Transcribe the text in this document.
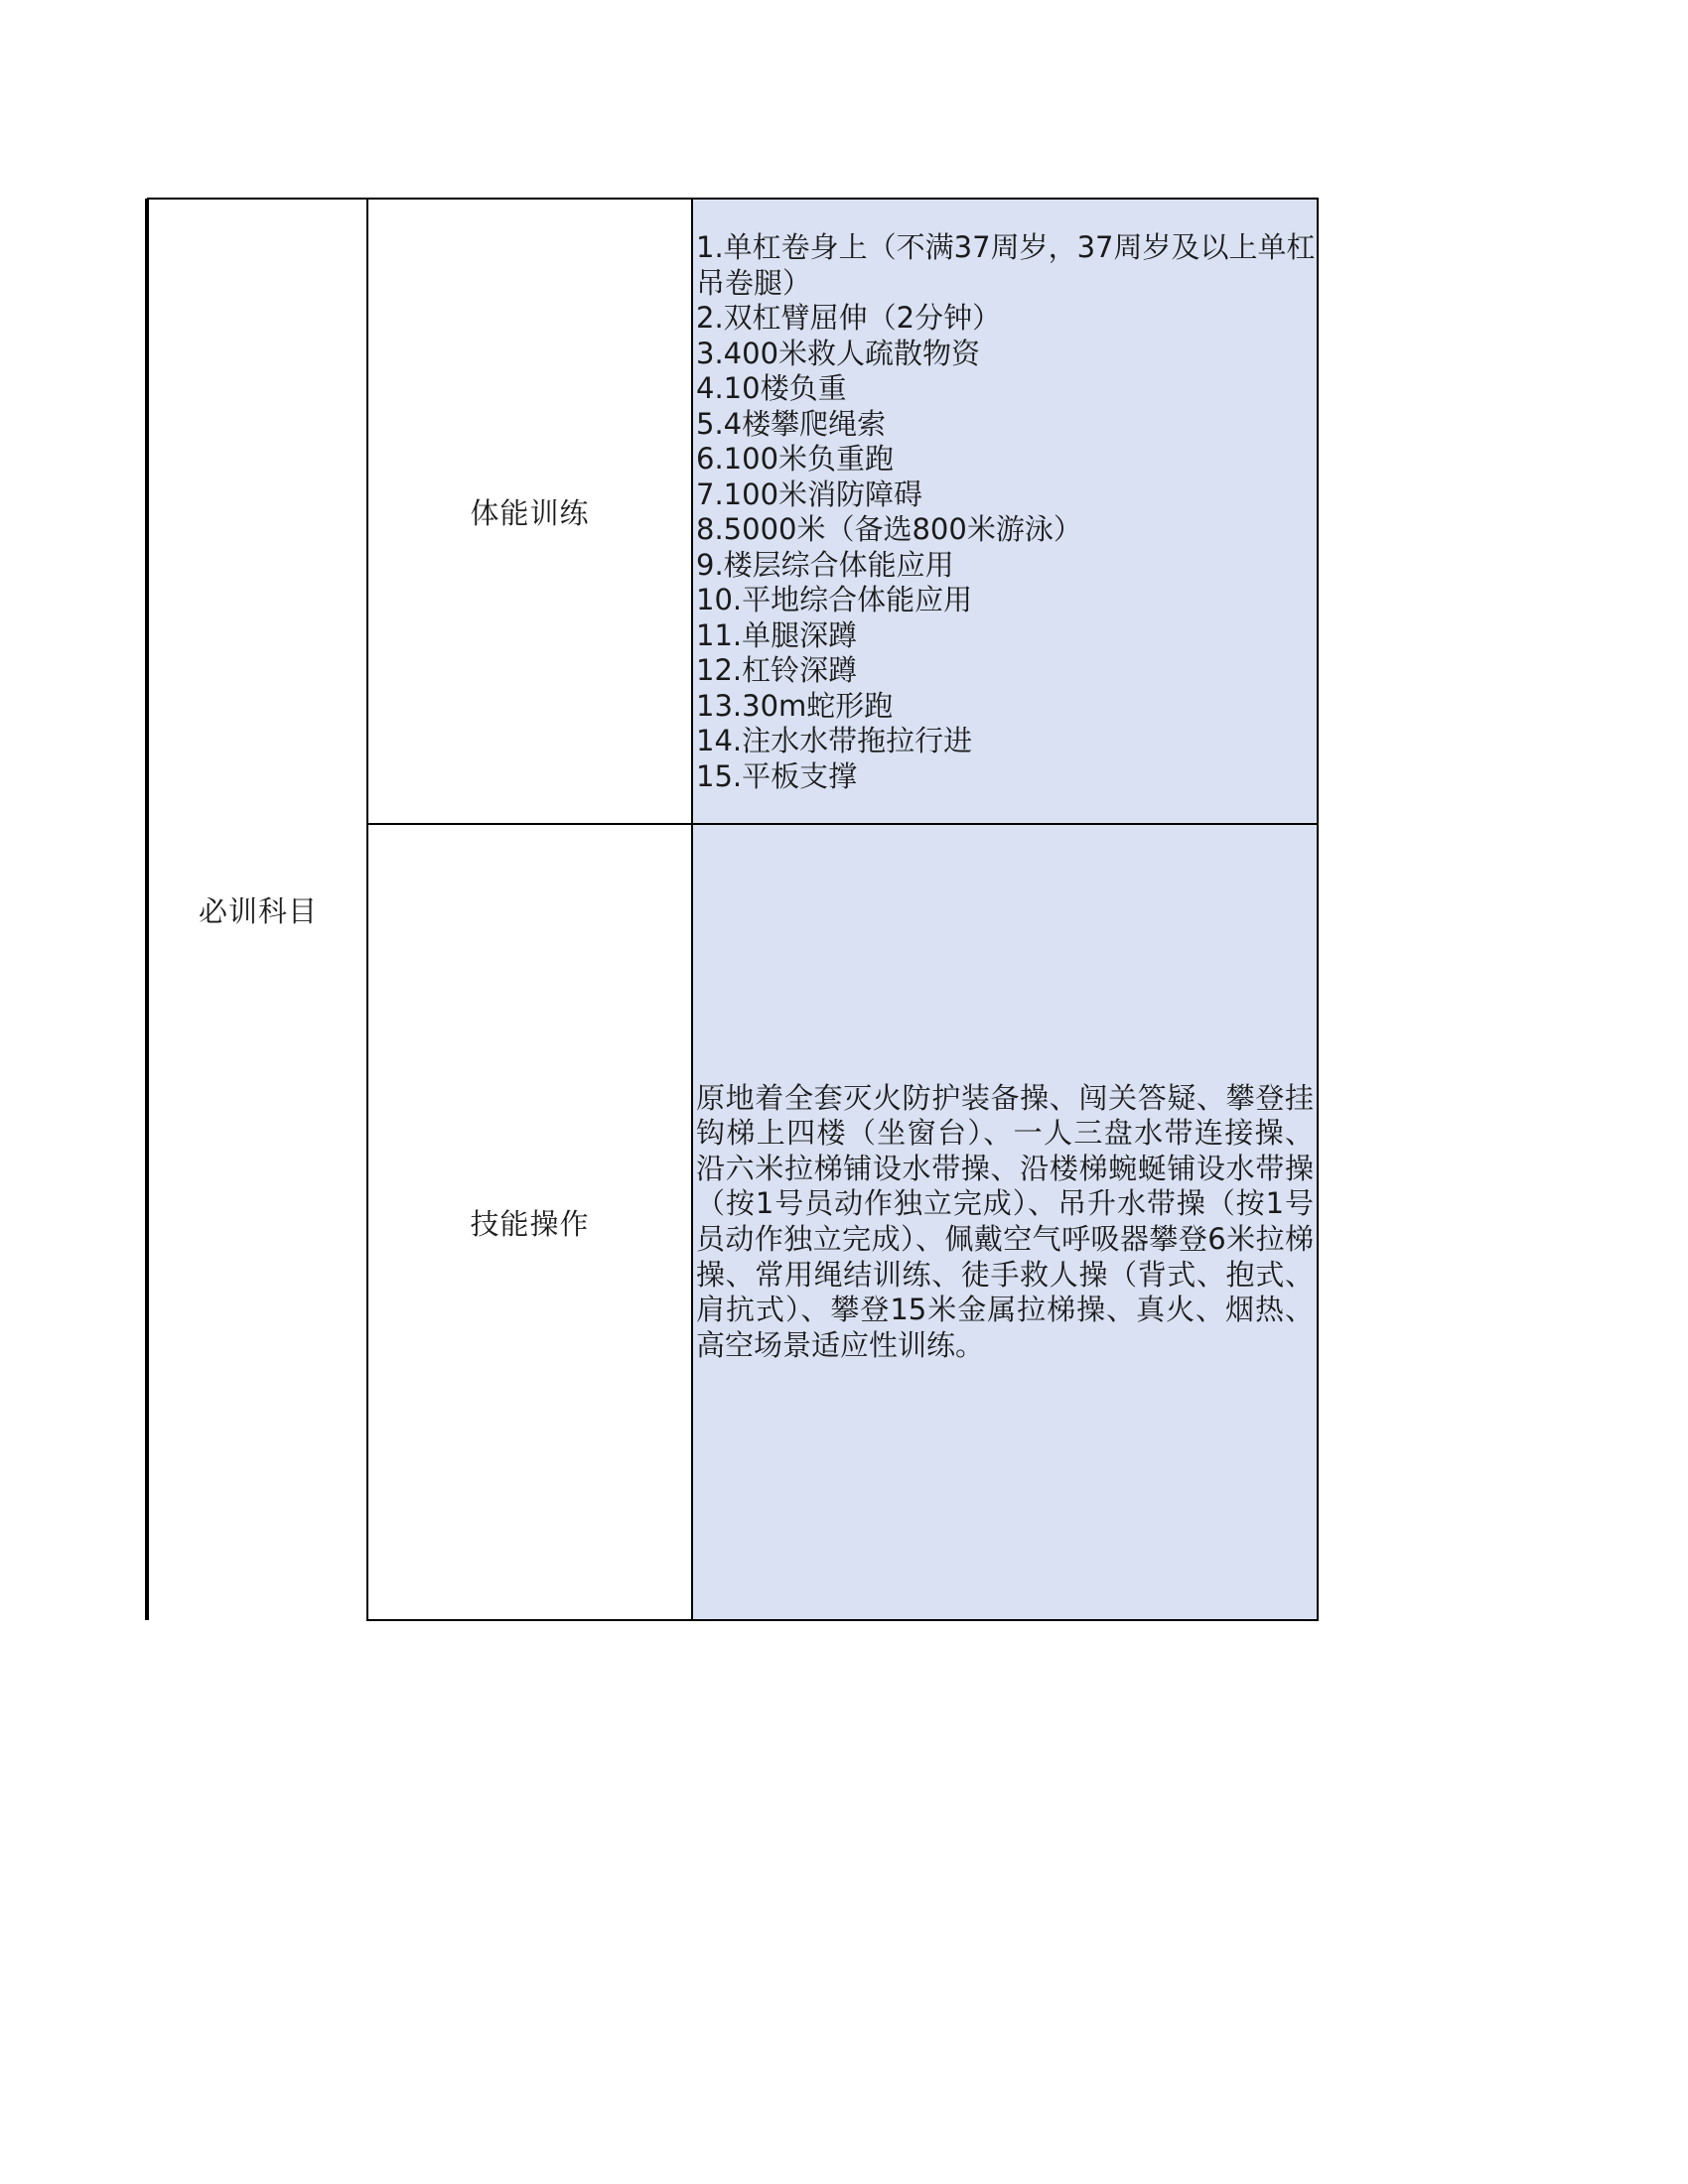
必训科目
体能训练
1.单杠卷身上（不满37周岁，37周岁及以上单杠吊卷腿）
2.双杠臂屈伸（2分钟）
3.400米救人疏散物资
4.10楼负重
5.4楼攀爬绳索
6.100米负重跑
7.100米消防障碍
8.5000米（备选800米游泳）
9.楼层综合体能应用
10.平地综合体能应用
11.单腿深蹲
12.杠铃深蹲
13.30m蛇形跑
14.注水水带拖拉行进
15.平板支撑
技能操作

原地着全套灭火防护装备操、闯关答疑、攀登挂钩梯上四楼（坐窗台）、一人三盘水带连接操、沿六米拉梯铺设水带操、沿楼梯蜿蜒铺设水带操（按1号员动作独立完成）、吊升水带操（按1号员动作独立完成）、佩戴空气呼吸器攀登6米拉梯操、常用绳结训练、徒手救人操（背式、抱式、肩抗式）、攀登15米金属拉梯操、真火、烟热、高空场景适应性训练。
